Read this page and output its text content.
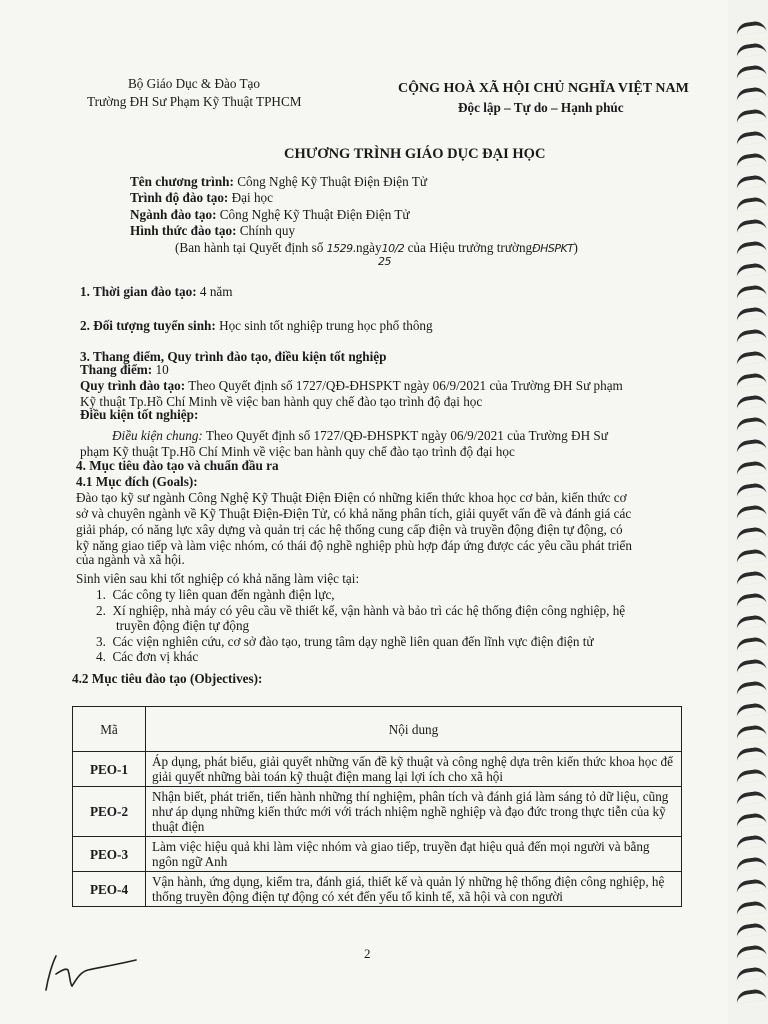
Bộ Giáo Dục & Đào Tạo
Trường ĐH Sư Phạm Kỹ Thuật TPHCM
CỘNG HOÀ XÃ HỘI CHỦ NGHĨA VIỆT NAM
Độc lập – Tự do – Hạnh phúc
CHƯƠNG TRÌNH GIÁO DỤC ĐẠI HỌC
Tên chương trình: Công Nghệ Kỹ Thuật Điện Điện Tử
Trình độ đào tạo: Đại học
Ngành đào tạo: Công Nghệ Kỹ Thuật Điện Điện Tử
Hình thức đào tạo: Chính quy
(Ban hành tại Quyết định số 1529.ngày10/2 của Hiệu trưởng trườngĐHSPKT)
25
1. Thời gian đào tạo: 4 năm
2. Đối tượng tuyển sinh: Học sinh tốt nghiệp trung học phổ thông
3. Thang điểm, Quy trình đào tạo, điều kiện tốt nghiệp
Thang điểm: 10
Quy trình đào tạo: Theo Quyết định số 1727/QĐ-ĐHSPKT ngày 06/9/2021 của Trường ĐH Sư phạm
Kỹ thuật Tp.Hồ Chí Minh về việc ban hành quy chế đào tạo trình độ đại học
Điều kiện tốt nghiệp:
Điều kiện chung: Theo Quyết định số 1727/QĐ-ĐHSPKT ngày 06/9/2021 của Trường ĐH Sư
phạm Kỹ thuật Tp.Hồ Chí Minh về việc ban hành quy chế đào tạo trình độ đại học
4. Mục tiêu đào tạo và chuẩn đầu ra
4.1 Mục đích (Goals):
Đào tạo kỹ sư ngành Công Nghệ Kỹ Thuật Điện Điện có những kiến thức khoa học cơ bản, kiến thức cơ
sở và chuyên ngành về Kỹ Thuật Điện-Điện Tử, có khả năng phân tích, giải quyết vấn đề và đánh giá các
giải pháp, có năng lực xây dựng và quản trị các hệ thống cung cấp điện và truyền động điện tự động, có
kỹ năng giao tiếp và làm việc nhóm, có thái độ nghề nghiệp phù hợp đáp ứng được các yêu cầu phát triển
của ngành và xã hội.
Sinh viên sau khi tốt nghiệp có khả năng làm việc tại:
1. Các công ty liên quan đến ngành điện lực,
2. Xí nghiệp, nhà máy có yêu cầu về thiết kế, vận hành và bảo trì các hệ thống điện công nghiệp, hệ
truyền động điện tự động
3. Các viện nghiên cứu, cơ sở đào tạo, trung tâm dạy nghề liên quan đến lĩnh vực điện điện tử
4. Các đơn vị khác
4.2 Mục tiêu đào tạo (Objectives):
Mã	Nội dung
PEO-1	Áp dụng, phát biểu, giải quyết những vấn đề kỹ thuật và công nghệ dựa trên kiến thức khoa học để giải quyết những bài toán kỹ thuật điện mang lại lợi ích cho xã hội
PEO-2	Nhận biết, phát triển, tiến hành những thí nghiệm, phân tích và đánh giá làm sáng tỏ dữ liệu, cũng như áp dụng những kiến thức mới với trách nhiệm nghề nghiệp và đạo đức trong thực tiễn của kỹ thuật điện
PEO-3	Làm việc hiệu quả khi làm việc nhóm và giao tiếp, truyền đạt hiệu quả đến mọi người và bằng ngôn ngữ Anh
PEO-4	Vận hành, ứng dụng, kiểm tra, đánh giá, thiết kế và quản lý những hệ thống điện công nghiệp, hệ thống truyền động điện tự động có xét đến yếu tố kinh tế, xã hội và con người
2
